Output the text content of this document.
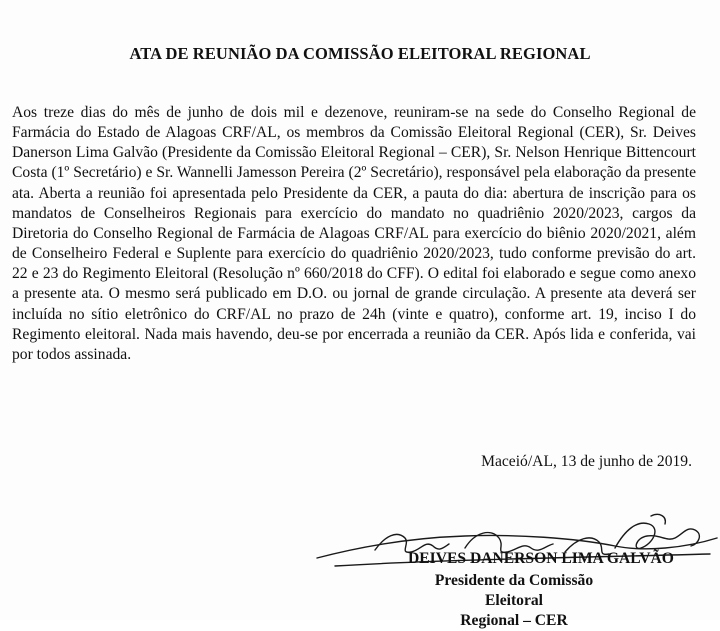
ATA DE REUNIÃO DA COMISSÃO ELEITORAL REGIONAL

Aos treze dias do mês de junho de dois mil e dezenove, reuniram-se na sede do Conselho Regional de Farmácia do Estado de Alagoas CRF/AL, os membros da Comissão Eleitoral Regional (CER), Sr. Deives Danerson Lima Galvão (Presidente da Comissão Eleitoral Regional – CER), Sr. Nelson Henrique Bittencourt Costa (1º Secretário) e Sr. Wannelli Jamesson Pereira (2º Secretário), responsável pela elaboração da presente ata. Aberta a reunião foi apresentada pelo Presidente da CER, a pauta do dia: abertura de inscrição para os mandatos de Conselheiros Regionais para exercício do mandato no quadriênio 2020/2023, cargos da Diretoria do Conselho Regional de Farmácia de Alagoas CRF/AL para exercício do biênio 2020/2021, além de Conselheiro Federal e Suplente para exercício do quadriênio 2020/2023, tudo conforme previsão do art. 22 e 23 do Regimento Eleitoral (Resolução nº 660/2018 do CFF). O edital foi elaborado e segue como anexo a presente ata. O mesmo será publicado em D.O. ou jornal de grande circulação. A presente ata deverá ser incluída no sítio eletrônico do CRF/AL no prazo de 24h (vinte e quatro), conforme art. 19, inciso I do Regimento eleitoral. Nada mais havendo, deu-se por encerrada a reunião da CER. Após lida e conferida, vai por todos assinada.

Maceió/AL, 13 de junho de 2019.

DEIVES DANERSON LIMA GALVÃO

Presidente da Comissão Eleitoral
Regional – CER
